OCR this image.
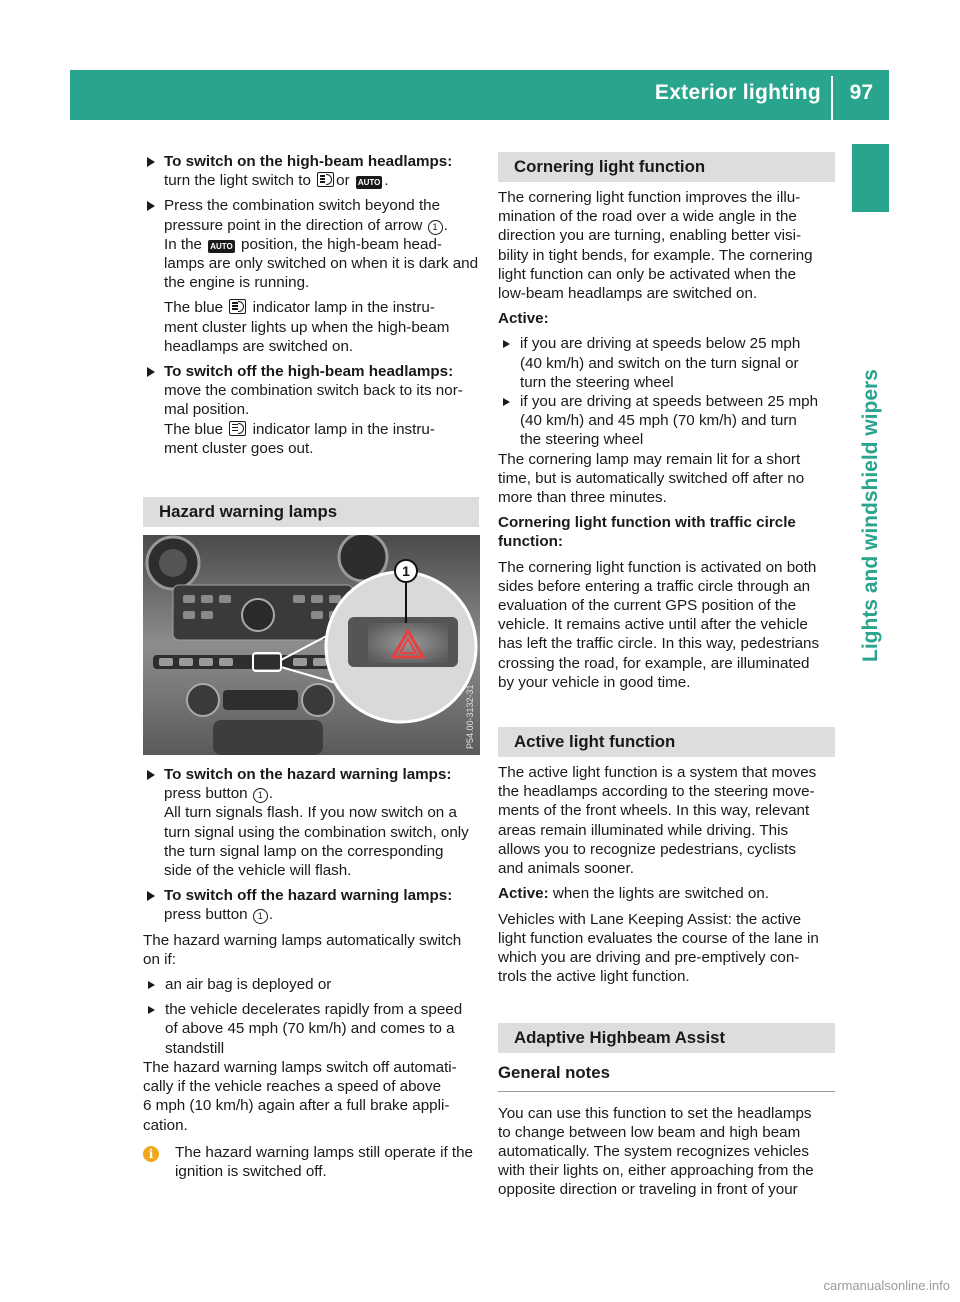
Exterior lighting 97
Lights and windshield wipers

To switch on the high-beam headlamps:

turn the light switch to or AUTO .

Press the combination switch beyond the

pressure point in the direction of arrow 1 .

In the AUTO position, the high-beam head-

lamps are only switched on when it is dark and

the engine is running.

The blue indicator lamp in the instru-

ment cluster lights up when the high-beam

headlamps are switched on.

To switch off the high-beam headlamps:

move the combination switch back to its nor-

mal position.

The blue indicator lamp in the instru-

ment cluster goes out.

Hazard warning lamps
1
P54.00-3132-31

To switch on the hazard warning lamps:

press button 1 .

All turn signals flash. If you now switch on a

turn signal using the combination switch, only

the turn signal lamp on the corresponding

side of the vehicle will flash.

To switch off the hazard warning lamps:

press button 1 .

The hazard warning lamps automatically switch

on if:

an air bag is deployed or

the vehicle decelerates rapidly from a speed

of above 45 mph (70 km/h) and comes to a

standstill

The hazard warning lamps switch off automati-

cally if the vehicle reaches a speed of above

6 mph (10 km/h) again after a full brake appli-

cation.

i	The hazard warning lamps still operate if the

ignition is switched off.

Cornering light function

The cornering light function improves the illu-

mination of the road over a wide angle in the

direction you are turning, enabling better visi-

bility in tight bends, for example. The cornering

light function can only be activated when the

low-beam headlamps are switched on.

Active:

if you are driving at speeds below 25 mph

(40 km/h) and switch on the turn signal or

turn the steering wheel

if you are driving at speeds between 25 mph

(40 km/h) and 45 mph (70 km/h) and turn

the steering wheel

The cornering lamp may remain lit for a short

time, but is automatically switched off after no

more than three minutes.

Cornering light function with traffic circle

function:

The cornering light function is activated on both

sides before entering a traffic circle through an

evaluation of the current GPS position of the

vehicle. It remains active until after the vehicle

has left the traffic circle. In this way, pedestrians

crossing the road, for example, are illuminated

by your vehicle in good time.

Active light function

The active light function is a system that moves

the headlamps according to the steering move-

ments of the front wheels. In this way, relevant

areas remain illuminated while driving. This

allows you to recognize pedestrians, cyclists

and animals sooner.

Active: when the lights are switched on.

Vehicles with Lane Keeping Assist: the active

light function evaluates the course of the lane in

which you are driving and pre-emptively con-

trols the active light function.

Adaptive Highbeam Assist
General notes

You can use this function to set the headlamps

to change between low beam and high beam

automatically. The system recognizes vehicles

with their lights on, either approaching from the

opposite direction or traveling in front of your

carmanualsonline.info
